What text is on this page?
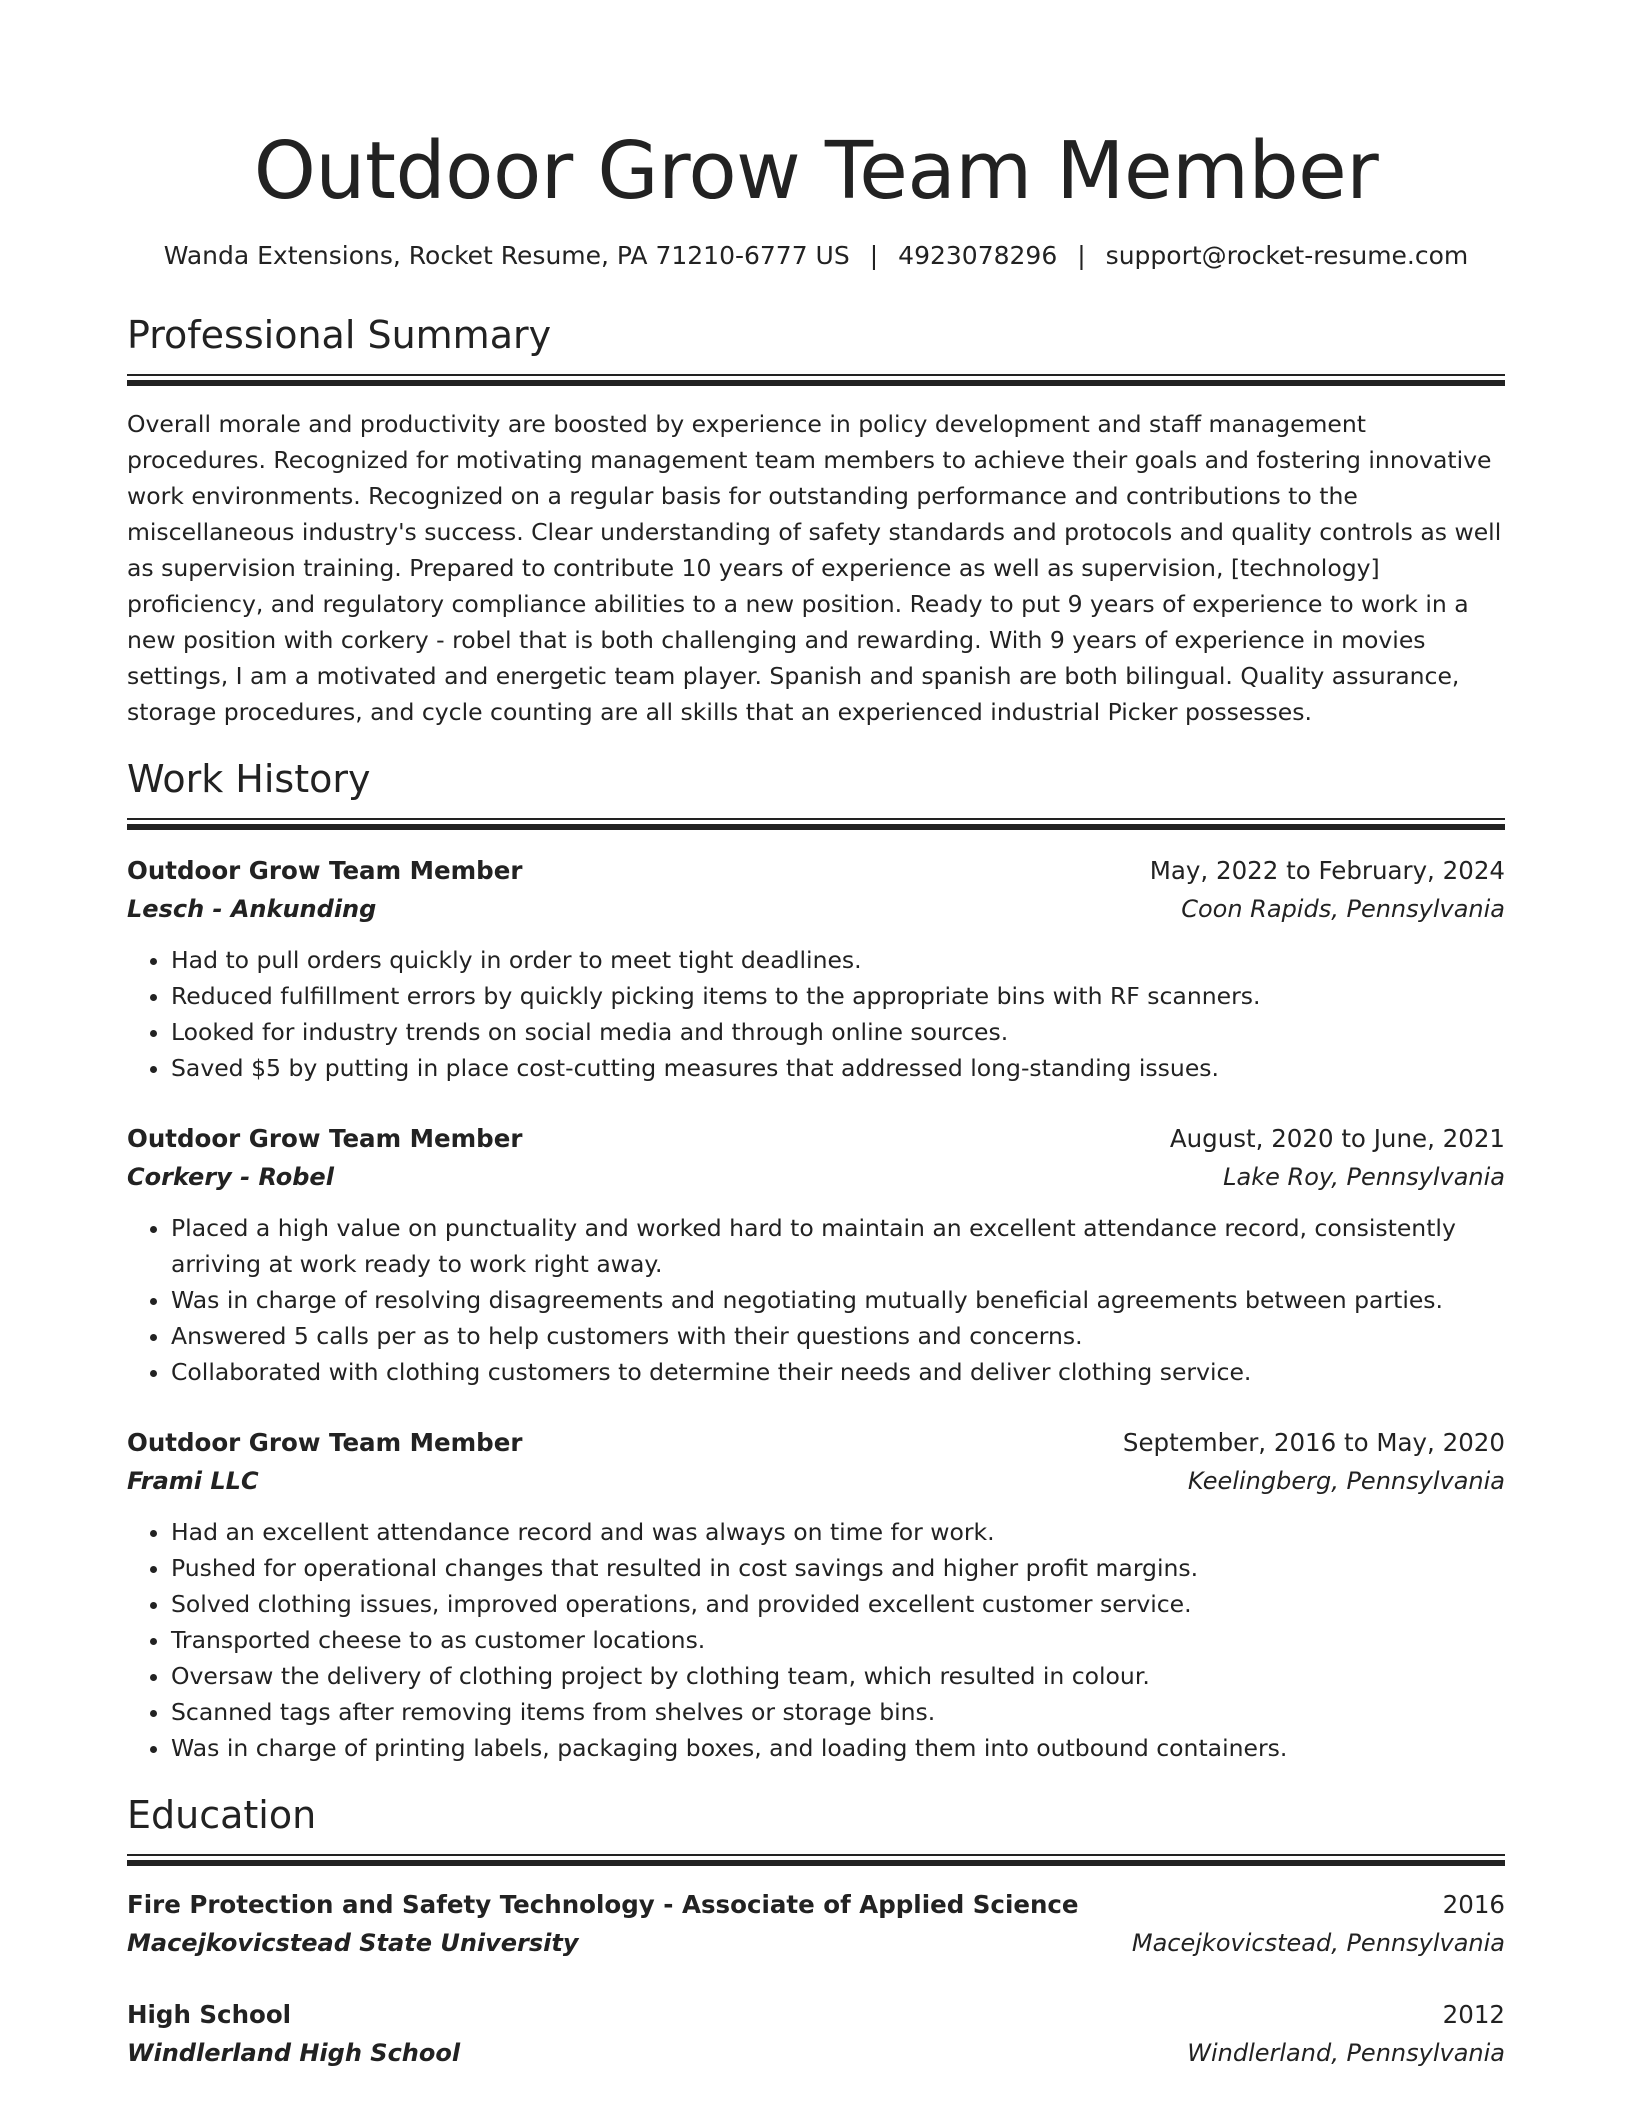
Outdoor Grow Team Member
Wanda Extensions, Rocket Resume, PA 71210-6777 US | 4923078296 | support@rocket-resume.com
Professional Summary

Overall morale and productivity are boosted by experience in policy development and staff management procedures. Recognized for motivating management team members to achieve their goals and fostering innovative work environments. Recognized on a regular basis for outstanding performance and contributions to the miscellaneous industry's success. Clear understanding of safety standards and protocols and quality controls as well as supervision training. Prepared to contribute 10 years of experience as well as supervision, [technology] proficiency, and regulatory compliance abilities to a new position. Ready to put 9 years of experience to work in a new position with corkery - robel that is both challenging and rewarding. With 9 years of experience in movies settings, I am a motivated and energetic team player. Spanish and spanish are both bilingual. Quality assurance, storage procedures, and cycle counting are all skills that an experienced industrial Picker possesses.

Work History
Outdoor Grow Team Member	May, 2022 to February, 2024
Lesch - Ankunding	Coon Rapids, Pennsylvania
• Had to pull orders quickly in order to meet tight deadlines.
• Reduced fulfillment errors by quickly picking items to the appropriate bins with RF scanners.
• Looked for industry trends on social media and through online sources.
• Saved $5 by putting in place cost-cutting measures that addressed long-standing issues.
Outdoor Grow Team Member	August, 2020 to June, 2021
Corkery - Robel	Lake Roy, Pennsylvania
• Placed a high value on punctuality and worked hard to maintain an excellent attendance record, consistently arriving at work ready to work right away.
• Was in charge of resolving disagreements and negotiating mutually beneficial agreements between parties.
• Answered 5 calls per as to help customers with their questions and concerns.
• Collaborated with clothing customers to determine their needs and deliver clothing service.
Outdoor Grow Team Member	September, 2016 to May, 2020
Frami LLC	Keelingberg, Pennsylvania
• Had an excellent attendance record and was always on time for work.
• Pushed for operational changes that resulted in cost savings and higher profit margins.
• Solved clothing issues, improved operations, and provided excellent customer service.
• Transported cheese to as customer locations.
• Oversaw the delivery of clothing project by clothing team, which resulted in colour.
• Scanned tags after removing items from shelves or storage bins.
• Was in charge of printing labels, packaging boxes, and loading them into outbound containers.
Education
Fire Protection and Safety Technology - Associate of Applied Science	2016
Macejkovicstead State University	Macejkovicstead, Pennsylvania
High School	2012
Windlerland High School	Windlerland, Pennsylvania
